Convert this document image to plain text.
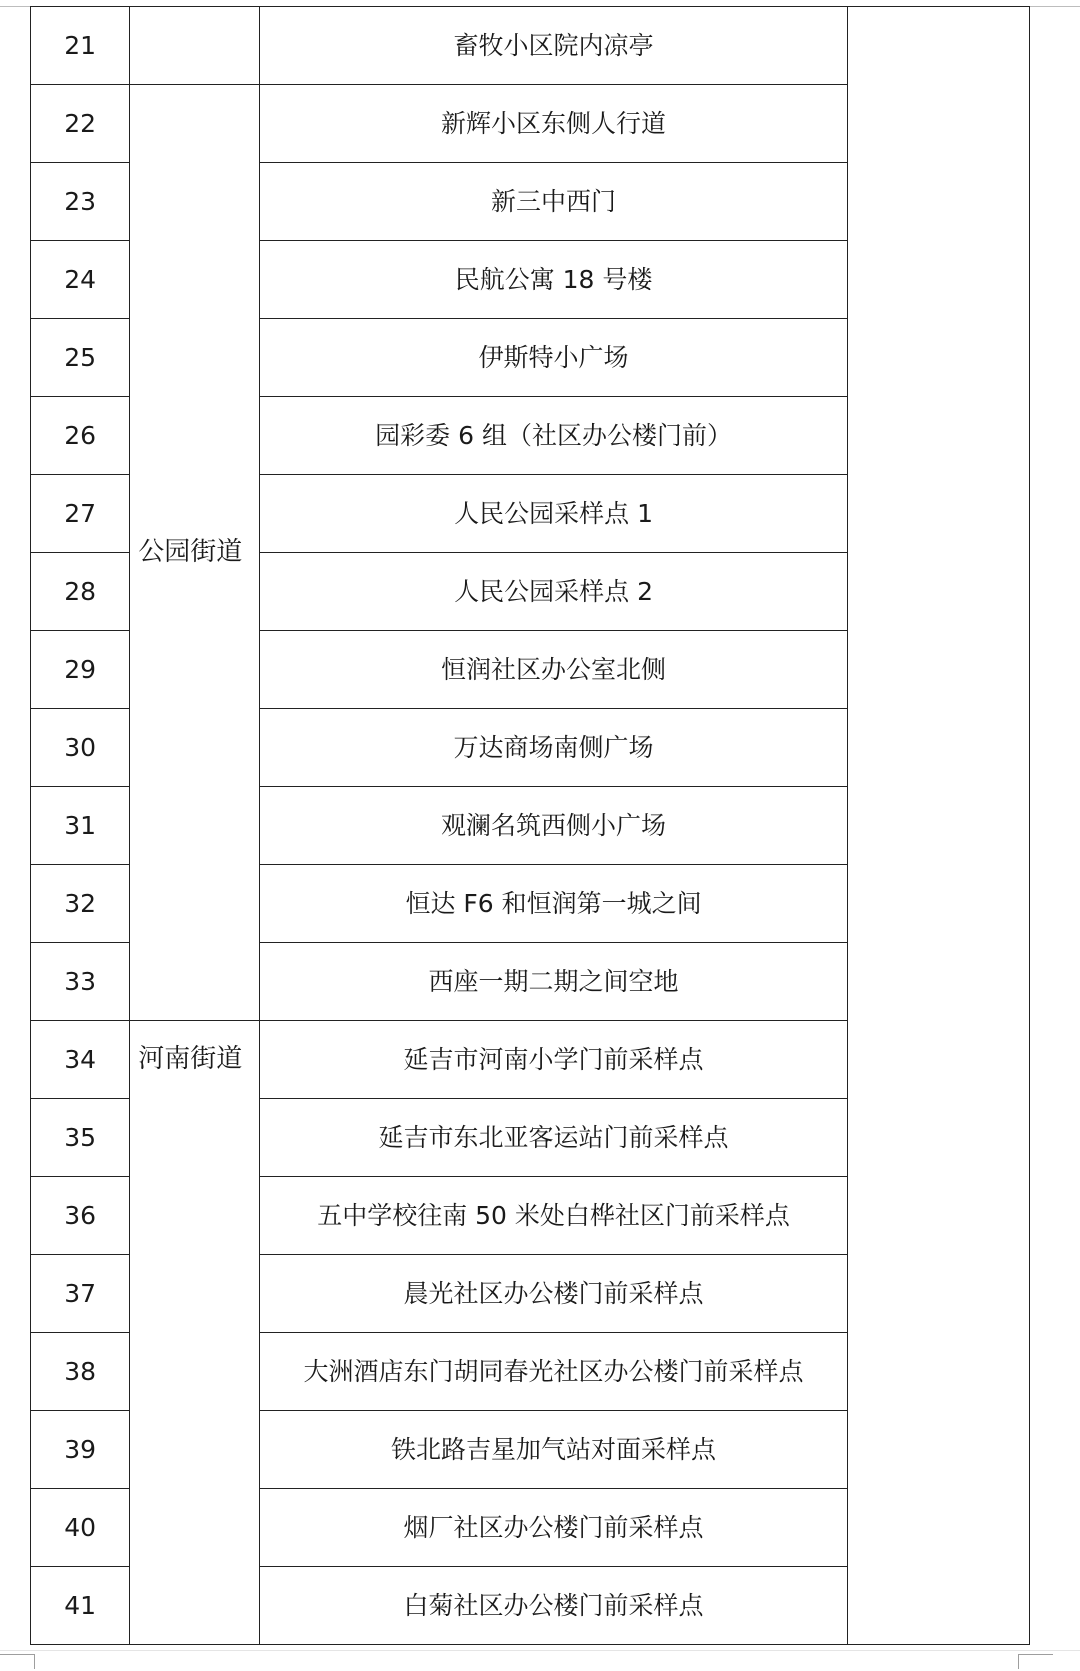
21		畜牧小区院内凉亭	
22	公园街道	新辉小区东侧人行道	
23		新三中西门	
24		民航公寓 18 号楼	
25		伊斯特小广场	
26		园彩委 6 组（社区办公楼门前）	
27		人民公园采样点 1	
28		人民公园采样点 2	
29		恒润社区办公室北侧	
30		万达商场南侧广场	
31		观澜名筑西侧小广场	
32		恒达 F6 和恒润第一城之间	
33		西座一期二期之间空地	
34	河南街道	延吉市河南小学门前采样点	
35		延吉市东北亚客运站门前采样点	
36		五中学校往南 50 米处白桦社区门前采样点	
37		晨光社区办公楼门前采样点	
38		大洲酒店东门胡同春光社区办公楼门前采样点	
39		铁北路吉星加气站对面采样点	
40		烟厂社区办公楼门前采样点	
41		白菊社区办公楼门前采样点	
